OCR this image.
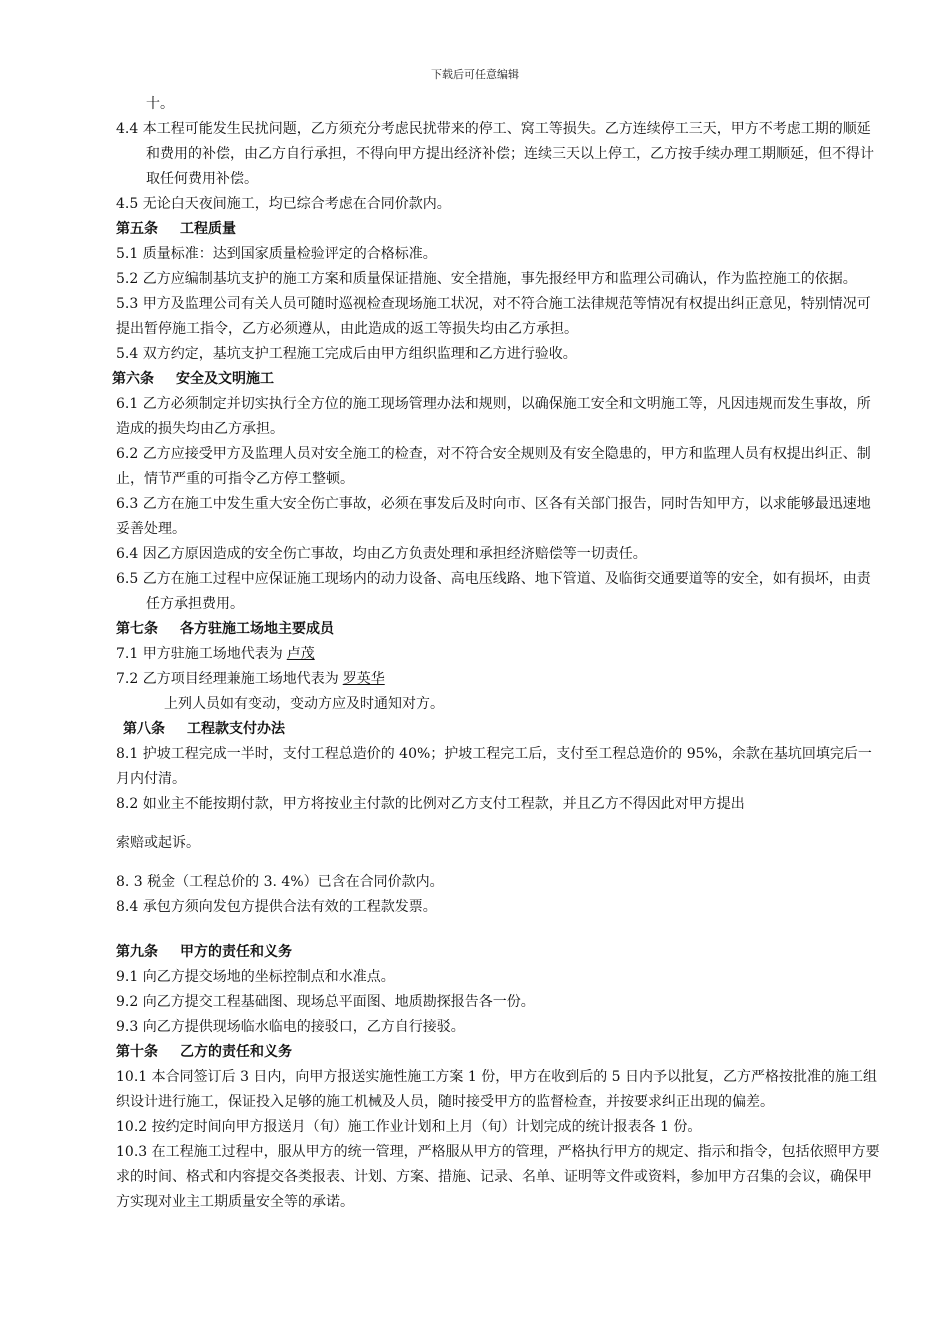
下载后可任意编辑

十。

4.4 本工程可能发生民扰问题，乙方须充分考虑民扰带来的停工、窝工等损失。乙方连续停工三天，甲方不考虑工期的顺延和费用的补偿，由乙方自行承担，不得向甲方提出经济补偿；连续三天以上停工，乙方按手续办理工期顺延，但不得计取任何费用补偿。

4.5 无论白天夜间施工，均已综合考虑在合同价款内。

第五条 工程质量

5.1 质量标准：达到国家质量检验评定的合格标准。

5.2 乙方应编制基坑支护的施工方案和质量保证措施、安全措施，事先报经甲方和监理公司确认，作为监控施工的依据。

5.3 甲方及监理公司有关人员可随时巡视检查现场施工状况，对不符合施工法律规范等情况有权提出纠正意见，特别情况可提出暂停施工指令，乙方必须遵从，由此造成的返工等损失均由乙方承担。

5.4 双方约定，基坑支护工程施工完成后由甲方组织监理和乙方进行验收。

第六条 安全及文明施工

6.1 乙方必须制定并切实执行全方位的施工现场管理办法和规则，以确保施工安全和文明施工等，凡因违规而发生事故，所造成的损失均由乙方承担。

6.2 乙方应接受甲方及监理人员对安全施工的检查，对不符合安全规则及有安全隐患的，甲方和监理人员有权提出纠正、制止，情节严重的可指令乙方停工整顿。

6.3 乙方在施工中发生重大安全伤亡事故，必须在事发后及时向市、区各有关部门报告，同时告知甲方，以求能够最迅速地妥善处理。

6.4 因乙方原因造成的安全伤亡事故，均由乙方负责处理和承担经济赔偿等一切责任。

6.5 乙方在施工过程中应保证施工现场内的动力设备、高电压线路、地下管道、及临街交通要道等的安全，如有损坏，由责任方承担费用。

第七条 各方驻施工场地主要成员

7.1 甲方驻施工场地代表为 卢茂

7.2 乙方项目经理兼施工场地代表为 罗英华

上列人员如有变动，变动方应及时通知对方。

第八条 工程款支付办法

8.1 护坡工程完成一半时，支付工程总造价的 40%；护坡工程完工后，支付至工程总造价的 95%，余款在基坑回填完后一月内付清。

8.2 如业主不能按期付款，甲方将按业主付款的比例对乙方支付工程款，并且乙方不得因此对甲方提出

索赔或起诉。

8. 3 税金（工程总价的 3. 4%）已含在合同价款内。

8.4 承包方须向发包方提供合法有效的工程款发票。

第九条 甲方的责任和义务

9.1 向乙方提交场地的坐标控制点和水准点。

9.2 向乙方提交工程基础图、现场总平面图、地质勘探报告各一份。

9.3 向乙方提供现场临水临电的接驳口，乙方自行接驳。

第十条 乙方的责任和义务

10.1 本合同签订后 3 日内，向甲方报送实施性施工方案 1 份，甲方在收到后的 5 日内予以批复，乙方严格按批准的施工组织设计进行施工，保证投入足够的施工机械及人员，随时接受甲方的监督检查，并按要求纠正出现的偏差。

10.2 按约定时间向甲方报送月（旬）施工作业计划和上月（旬）计划完成的统计报表各 1 份。

10.3 在工程施工过程中，服从甲方的统一管理，严格服从甲方的管理，严格执行甲方的规定、指示和指令，包括依照甲方要求的时间、格式和内容提交各类报表、计划、方案、措施、记录、名单、证明等文件或资料，参加甲方召集的会议，确保甲方实现对业主工期质量安全等的承诺。
